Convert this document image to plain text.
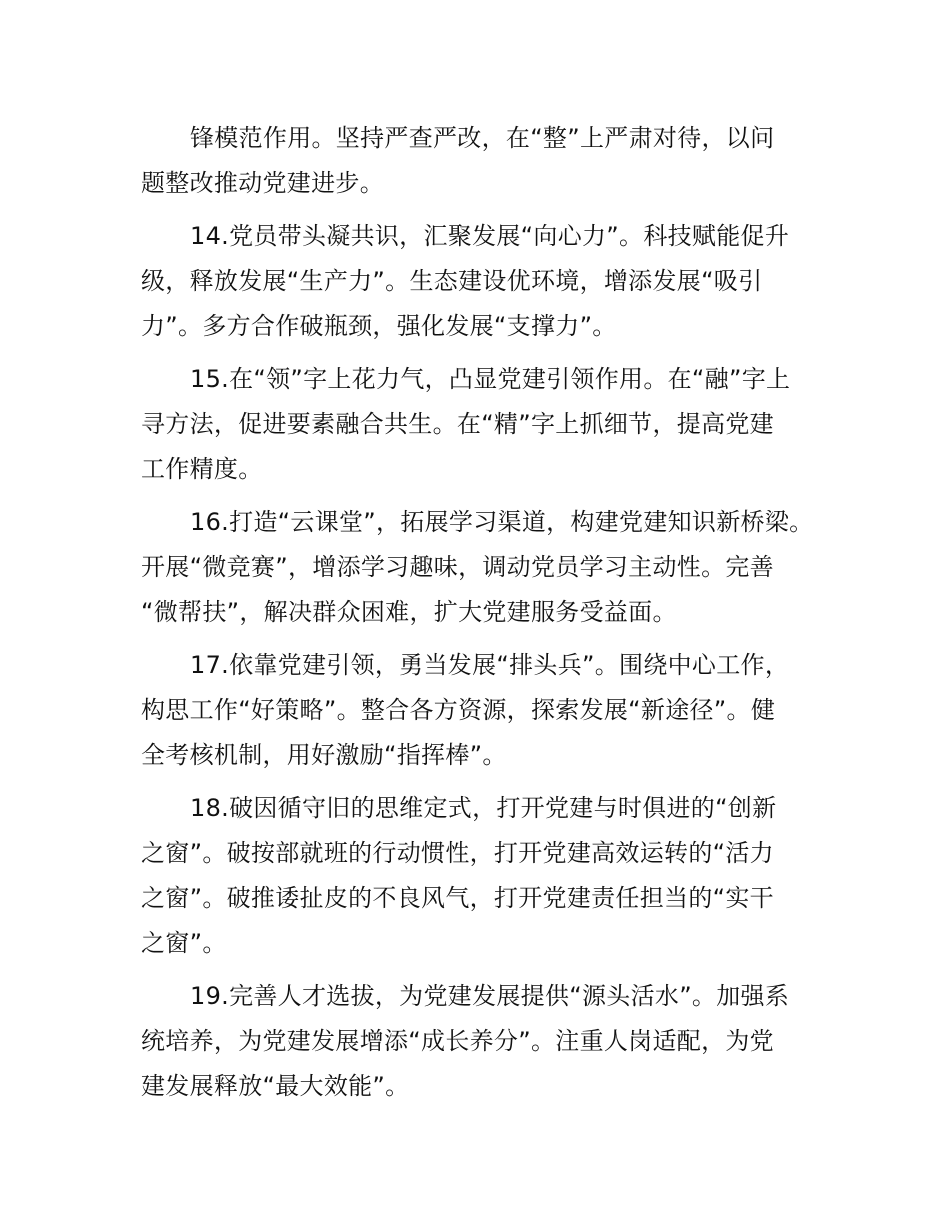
锋模范作用。坚持严查严改，在“整”上严肃对待，以问
题整改推动党建进步。
14.党员带头凝共识，汇聚发展“向心力”。科技赋能促升
级，释放发展“生产力”。生态建设优环境，增添发展“吸引
力”。多方合作破瓶颈，强化发展“支撑力”。
15.在“领”字上花力气，凸显党建引领作用。在“融”字上
寻方法，促进要素融合共生。在“精”字上抓细节，提高党建
工作精度。
16.打造“云课堂”，拓展学习渠道，构建党建知识新桥梁。
开展“微竞赛”，增添学习趣味，调动党员学习主动性。完善
“微帮扶”，解决群众困难，扩大党建服务受益面。
17.依靠党建引领，勇当发展“排头兵”。围绕中心工作，
构思工作“好策略”。整合各方资源，探索发展“新途径”。健
全考核机制，用好激励“指挥棒”。
18.破因循守旧的思维定式，打开党建与时俱进的“创新
之窗”。破按部就班的行动惯性，打开党建高效运转的“活力
之窗”。破推诿扯皮的不良风气，打开党建责任担当的“实干
之窗”。
19.完善人才选拔，为党建发展提供“源头活水”。加强系
统培养，为党建发展增添“成长养分”。注重人岗适配，为党
建发展释放“最大效能”。
